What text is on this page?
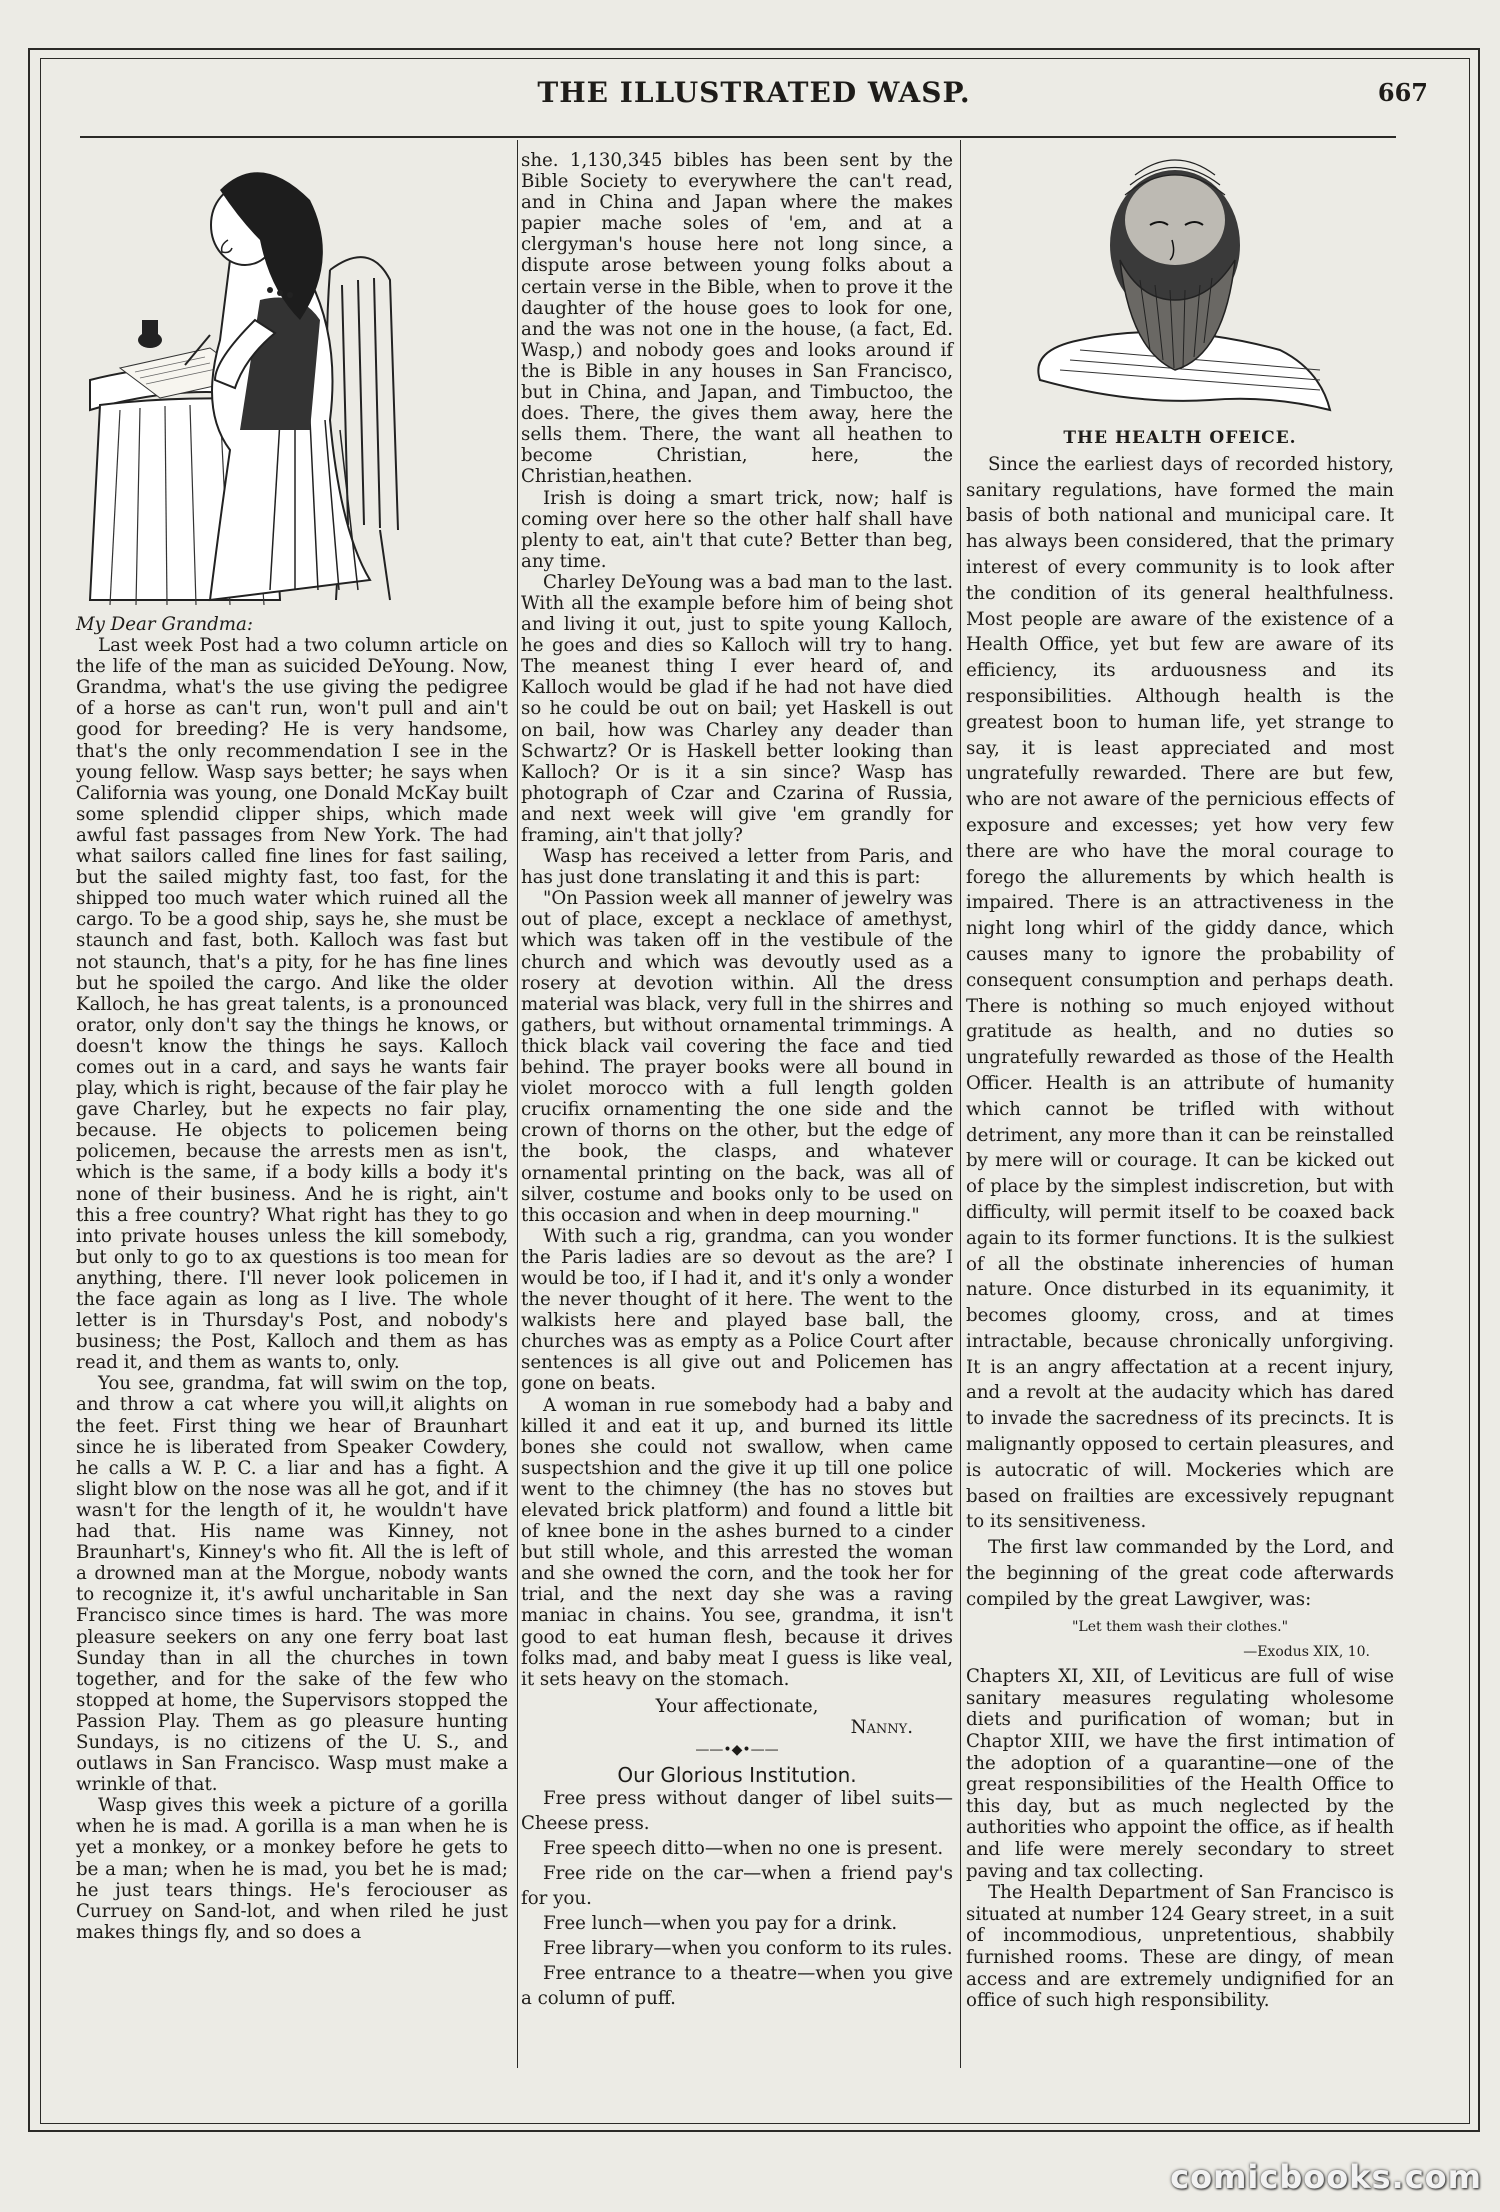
THE ILLUSTRATED WASP.	667

My Dear Grandma:

Last week Post had a two column article on the life of the man as suicided DeYoung. Now, Grandma, what's the use giving the pedigree of a horse as can't run, won't pull and ain't good for breeding? He is very handsome, that's the only recommendation I see in the young fellow. Wasp says better; he says when California was young, one Donald McKay built some splendid clipper ships, which made awful fast passages from New York. The had what sailors called fine lines for fast sailing, but the sailed mighty fast, too fast, for the shipped too much water which ruined all the cargo. To be a good ship, says he, she must be staunch and fast, both. Kalloch was fast but not staunch, that's a pity, for he has fine lines but he spoiled the cargo. And like the older Kalloch, he has great talents, is a pronounced orator, only don't say the things he knows, or doesn't know the things he says. Kalloch comes out in a card, and says he wants fair play, which is right, because of the fair play he gave Charley, but he expects no fair play, because. He objects to policemen being policemen, because the arrests men as isn't, which is the same, if a body kills a body it's none of their business. And he is right, ain't this a free country? What right has they to go into private houses unless the kill somebody, but only to go to ax questions is too mean for anything, there. I'll never look policemen in the face again as long as I live. The whole letter is in Thursday's Post, and nobody's business; the Post, Kalloch and them as has read it, and them as wants to, only.

You see, grandma, fat will swim on the top, and throw a cat where you will,it alights on the feet. First thing we hear of Braunhart since he is liberated from Speaker Cowdery, he calls a W. P. C. a liar and has a fight. A slight blow on the nose was all he got, and if it wasn't for the length of it, he wouldn't have had that. His name was Kinney, not Braunhart's, Kinney's who fit. All the is left of a drowned man at the Morgue, nobody wants to recognize it, it's awful uncharitable in San Francisco since times is hard. The was more pleasure seekers on any one ferry boat last Sunday than in all the churches in town together, and for the sake of the few who stopped at home, the Supervisors stopped the Passion Play. Them as go pleasure hunting Sundays, is no citizens of the U. S., and outlaws in San Francisco. Wasp must make a wrinkle of that.

Wasp gives this week a picture of a gorilla when he is mad. A gorilla is a man when he is yet a monkey, or a monkey before he gets to be a man; when he is mad, you bet he is mad; he just tears things. He's ferociouser as Curruey on Sand-lot, and when riled he just makes things fly, and so does a

she. 1,130,345 bibles has been sent by the Bible Society to everywhere the can't read, and in China and Japan where the makes papier mache soles of 'em, and at a clergyman's house here not long since, a dispute arose between young folks about a certain verse in the Bible, when to prove it the daughter of the house goes to look for one, and the was not one in the house, (a fact, Ed. Wasp,) and nobody goes and looks around if the is Bible in any houses in San Francisco, but in China, and Japan, and Timbuctoo, the does. There, the gives them away, here the sells them. There, the want all heathen to become Christian, here, the Christian,heathen.

Irish is doing a smart trick, now; half is coming over here so the other half shall have plenty to eat, ain't that cute? Better than beg, any time.

Charley DeYoung was a bad man to the last. With all the example before him of being shot and living it out, just to spite young Kalloch, he goes and dies so Kalloch will try to hang. The meanest thing I ever heard of, and Kalloch would be glad if he had not have died so he could be out on bail; yet Haskell is out on bail, how was Charley any deader than Schwartz? Or is Haskell better looking than Kalloch? Or is it a sin since? Wasp has photograph of Czar and Czarina of Russia, and next week will give 'em grandly for framing, ain't that jolly?

Wasp has received a letter from Paris, and has just done translating it and this is part:

"On Passion week all manner of jewelry was out of place, except a necklace of amethyst, which was taken off in the vestibule of the church and which was devoutly used as a rosery at devotion within. All the dress material was black, very full in the shirres and gathers, but without ornamental trimmings. A thick black vail covering the face and tied behind. The prayer books were all bound in violet morocco with a full length golden crucifix ornamenting the one side and the crown of thorns on the other, but the edge of the book, the clasps, and whatever ornamental printing on the back, was all of silver, costume and books only to be used on this occasion and when in deep mourning."

With such a rig, grandma, can you wonder the Paris ladies are so devout as the are? I would be too, if I had it, and it's only a wonder the never thought of it here. The went to the walkists here and played base ball, the churches was as empty as a Police Court after sentences is all give out and Policemen has gone on beats.

A woman in rue somebody had a baby and killed it and eat it up, and burned its little bones she could not swallow, when came suspectshion and the give it up till one police went to the chimney (the has no stoves but elevated brick platform) and found a little bit of knee bone in the ashes burned to a cinder but still whole, and this arrested the woman and she owned the corn, and the took her for trial, and the next day she was a raving maniac in chains. You see, grandma, it isn't good to eat human flesh, because it drives folks mad, and baby meat I guess is like veal, it sets heavy on the stomach.

Your affectionate,

Nanny.

——•◆•——

Our Glorious Institution.

Free press without danger of libel suits—Cheese press.

Free speech ditto—when no one is present.

Free ride on the car—when a friend pay's for you.

Free lunch—when you pay for a drink.

Free library—when you conform to its rules.

Free entrance to a theatre—when you give a column of puff.

THE HEALTH OFEICE.

Since the earliest days of recorded history, sanitary regulations, have formed the main basis of both national and municipal care. It has always been considered, that the primary interest of every community is to look after the condition of its general healthfulness. Most people are aware of the existence of a Health Office, yet but few are aware of its efficiency, its arduousness and its responsibilities. Although health is the greatest boon to human life, yet strange to say, it is least appreciated and most ungratefully rewarded. There are but few, who are not aware of the pernicious effects of exposure and excesses; yet how very few there are who have the moral courage to forego the allurements by which health is impaired. There is an attractiveness in the night long whirl of the giddy dance, which causes many to ignore the probability of consequent consumption and perhaps death. There is nothing so much enjoyed without gratitude as health, and no duties so ungratefully rewarded as those of the Health Officer. Health is an attribute of humanity which cannot be trifled with without detriment, any more than it can be reinstalled by mere will or courage. It can be kicked out of place by the simplest indiscretion, but with difficulty, will permit itself to be coaxed back again to its former functions. It is the sulkiest of all the obstinate inherencies of human nature. Once disturbed in its equanimity, it becomes gloomy, cross, and at times intractable, because chronically unforgiving. It is an angry affectation at a recent injury, and a revolt at the audacity which has dared to invade the sacredness of its precincts. It is malignantly opposed to certain pleasures, and is autocratic of will. Mockeries which are based on frailties are excessively repugnant to its sensitiveness.

The first law commanded by the Lord, and the beginning of the great code afterwards compiled by the great Lawgiver, was:

"Let them wash their clothes."

—Exodus XIX, 10.

Chapters XI, XII, of Leviticus are full of wise sanitary measures regulating wholesome diets and purification of woman; but in Chaptor XIII, we have the first intimation of the adoption of a quarantine—one of the great responsibilities of the Health Office to this day, but as much neglected by the authorities who appoint the office, as if health and life were merely secondary to street paving and tax collecting.

The Health Department of San Francisco is situated at number 124 Geary street, in a suit of incommodious, unpretentious, shabbily furnished rooms. These are dingy, of mean access and are extremely undignified for an office of such high responsibility.

comicbooks.com
